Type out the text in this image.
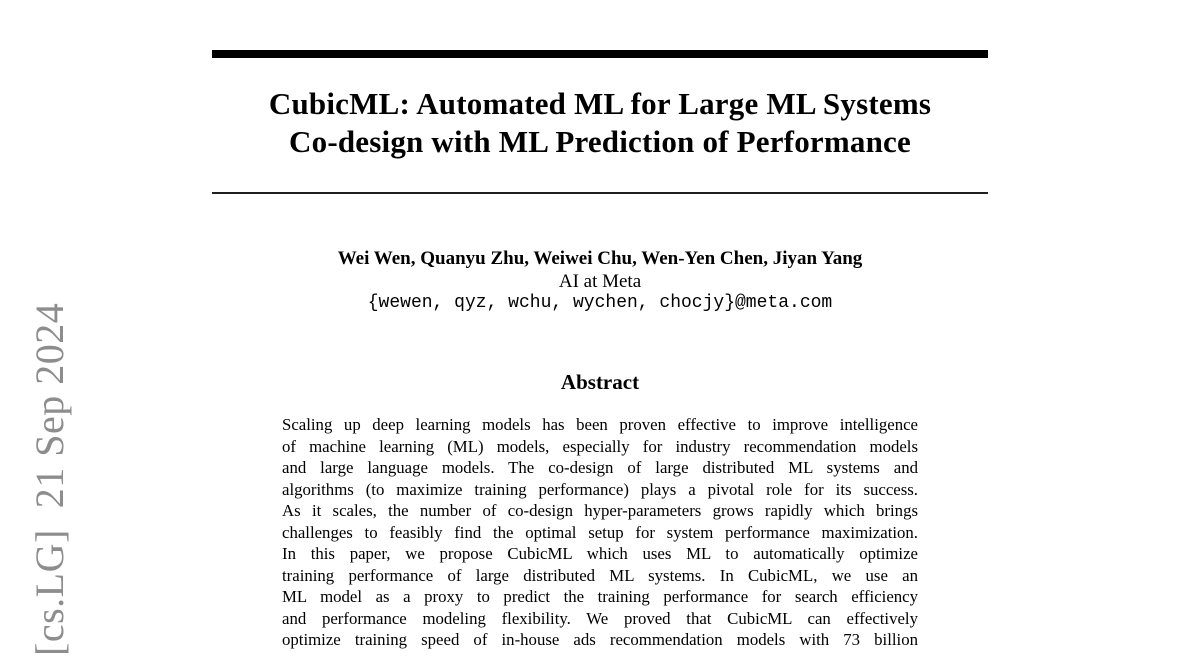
[cs.LG]  21 Sep 2024
CubicML: Automated ML for Large ML Systems
Co-design with ML Prediction of Performance
Wei Wen, Quanyu Zhu, Weiwei Chu, Wen-Yen Chen, Jiyan Yang
AI at Meta
{wewen, qyz, wchu, wychen, chocjy}@meta.com
Abstract
Scaling up deep learning models has been proven effective to improve intelligence
of machine learning (ML) models, especially for industry recommendation models
and large language models. The co-design of large distributed ML systems and
algorithms (to maximize training performance) plays a pivotal role for its success.
As it scales, the number of co-design hyper-parameters grows rapidly which brings
challenges to feasibly find the optimal setup for system performance maximization.
In this paper, we propose CubicML which uses ML to automatically optimize
training performance of large distributed ML systems. In CubicML, we use an
ML model as a proxy to predict the training performance for search efficiency
and performance modeling flexibility. We proved that CubicML can effectively
optimize training speed of in-house ads recommendation models with 73 billion
